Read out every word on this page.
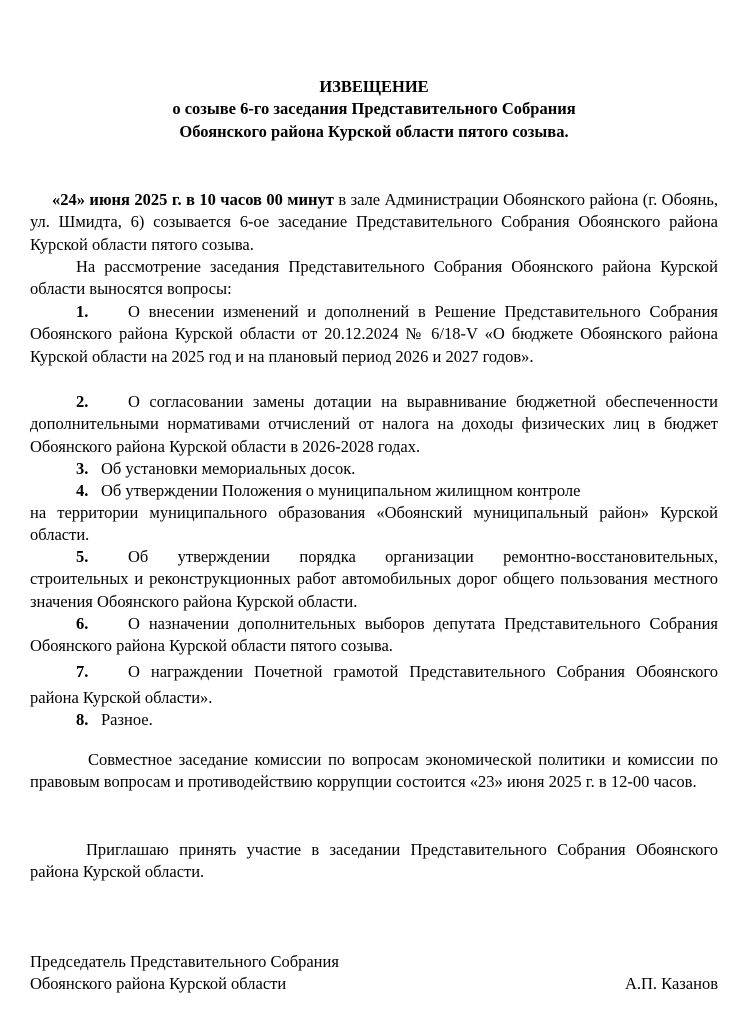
ИЗВЕЩЕНИЕ
о созыве 6-го заседания Представительного Собрания
Обоянского района Курской области пятого созыва.
«24» июня 2025 г. в 10 часов 00 минут в зале Администрации Обоянского района (г. Обоянь, ул. Шмидта, 6) созывается 6-ое заседание Представительного Собрания Обоянского района Курской области пятого созыва.
На рассмотрение заседания Представительного Собрания Обоянского района Курской области выносятся вопросы:
1. О внесении изменений и дополнений в Решение Представительного Собрания Обоянского района Курской области от 20.12.2024 № 6/18-V «О бюджете Обоянского района Курской области на 2025 год и на плановый период 2026 и 2027 годов».
2. О согласовании замены дотации на выравнивание бюджетной обеспеченности дополнительными нормативами отчислений от налога на доходы физических лиц в бюджет Обоянского района Курской области в 2026-2028 годах.
3. Об установки мемориальных досок.
4. Об утверждении Положения о муниципальном жилищном контроле
на территории муниципального образования «Обоянский муниципальный район» Курской области.
5. Об утверждении порядка организации ремонтно-восстановительных, строительных и реконструкционных работ автомобильных дорог общего пользования местного значения Обоянского района Курской области.
6. О назначении дополнительных выборов депутата Представительного Собрания Обоянского района Курской области пятого созыва.
7. О награждении Почетной грамотой Представительного Собрания Обоянского района Курской области».
8. Разное.
Совместное заседание комиссии по вопросам экономической политики и комиссии по правовым вопросам и противодействию коррупции состоится «23» июня 2025 г. в 12-00 часов.
Приглашаю принять участие в заседании Представительного Собрания Обоянского района Курской области.
Председатель Представительного Собрания
Обоянского района Курской области	А.П. Казанов
